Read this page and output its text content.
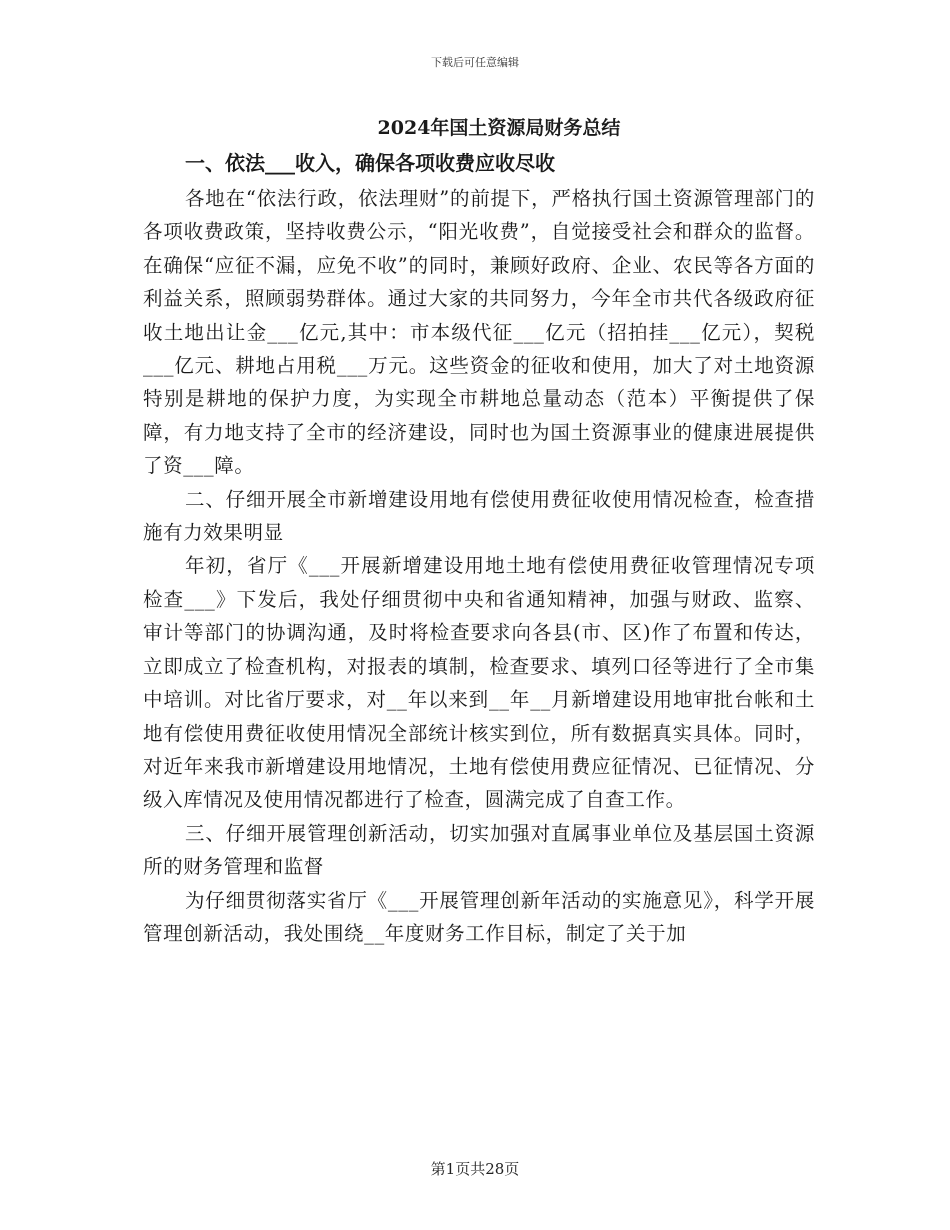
下载后可任意编辑
2024年国土资源局财务总结
一、依法___收入，确保各项收费应收尽收

各地在“依法行政，依法理财”的前提下，严格执行国土资源管理部门的各项收费政策，坚持收费公示，“阳光收费”，自觉接受社会和群众的监督。在确保“应征不漏，应免不收”的同时，兼顾好政府、企业、农民等各方面的利益关系，照顾弱势群体。通过大家的共同努力，今年全市共代各级政府征收土地出让金___亿元,其中：市本级代征___亿元（招拍挂___亿元），契税___亿元、耕地占用税___万元。这些资金的征收和使用，加大了对土地资源特别是耕地的保护力度，为实现全市耕地总量动态（范本）平衡提供了保障，有力地支持了全市的经济建设，同时也为国土资源事业的健康进展提供了资___障。

二、仔细开展全市新增建设用地有偿使用费征收使用情况检查，检查措施有力效果明显

年初，省厅《___开展新增建设用地土地有偿使用费征收管理情况专项检查___》下发后，我处仔细贯彻中央和省通知精神，加强与财政、监察、审计等部门的协调沟通，及时将检查要求向各县(市、区)作了布置和传达，立即成立了检查机构，对报表的填制，检查要求、填列口径等进行了全市集中培训。对比省厅要求，对__年以来到__年__月新增建设用地审批台帐和土地有偿使用费征收使用情况全部统计核实到位，所有数据真实具体。同时，对近年来我市新增建设用地情况，土地有偿使用费应征情况、已征情况、分级入库情况及使用情况都进行了检查，圆满完成了自查工作。

三、仔细开展管理创新活动，切实加强对直属事业单位及基层国土资源所的财务管理和监督

为仔细贯彻落实省厅《___开展管理创新年活动的实施意见》，科学开展管理创新活动，我处围绕__年度财务工作目标，制定了关于加

第1页共28页
